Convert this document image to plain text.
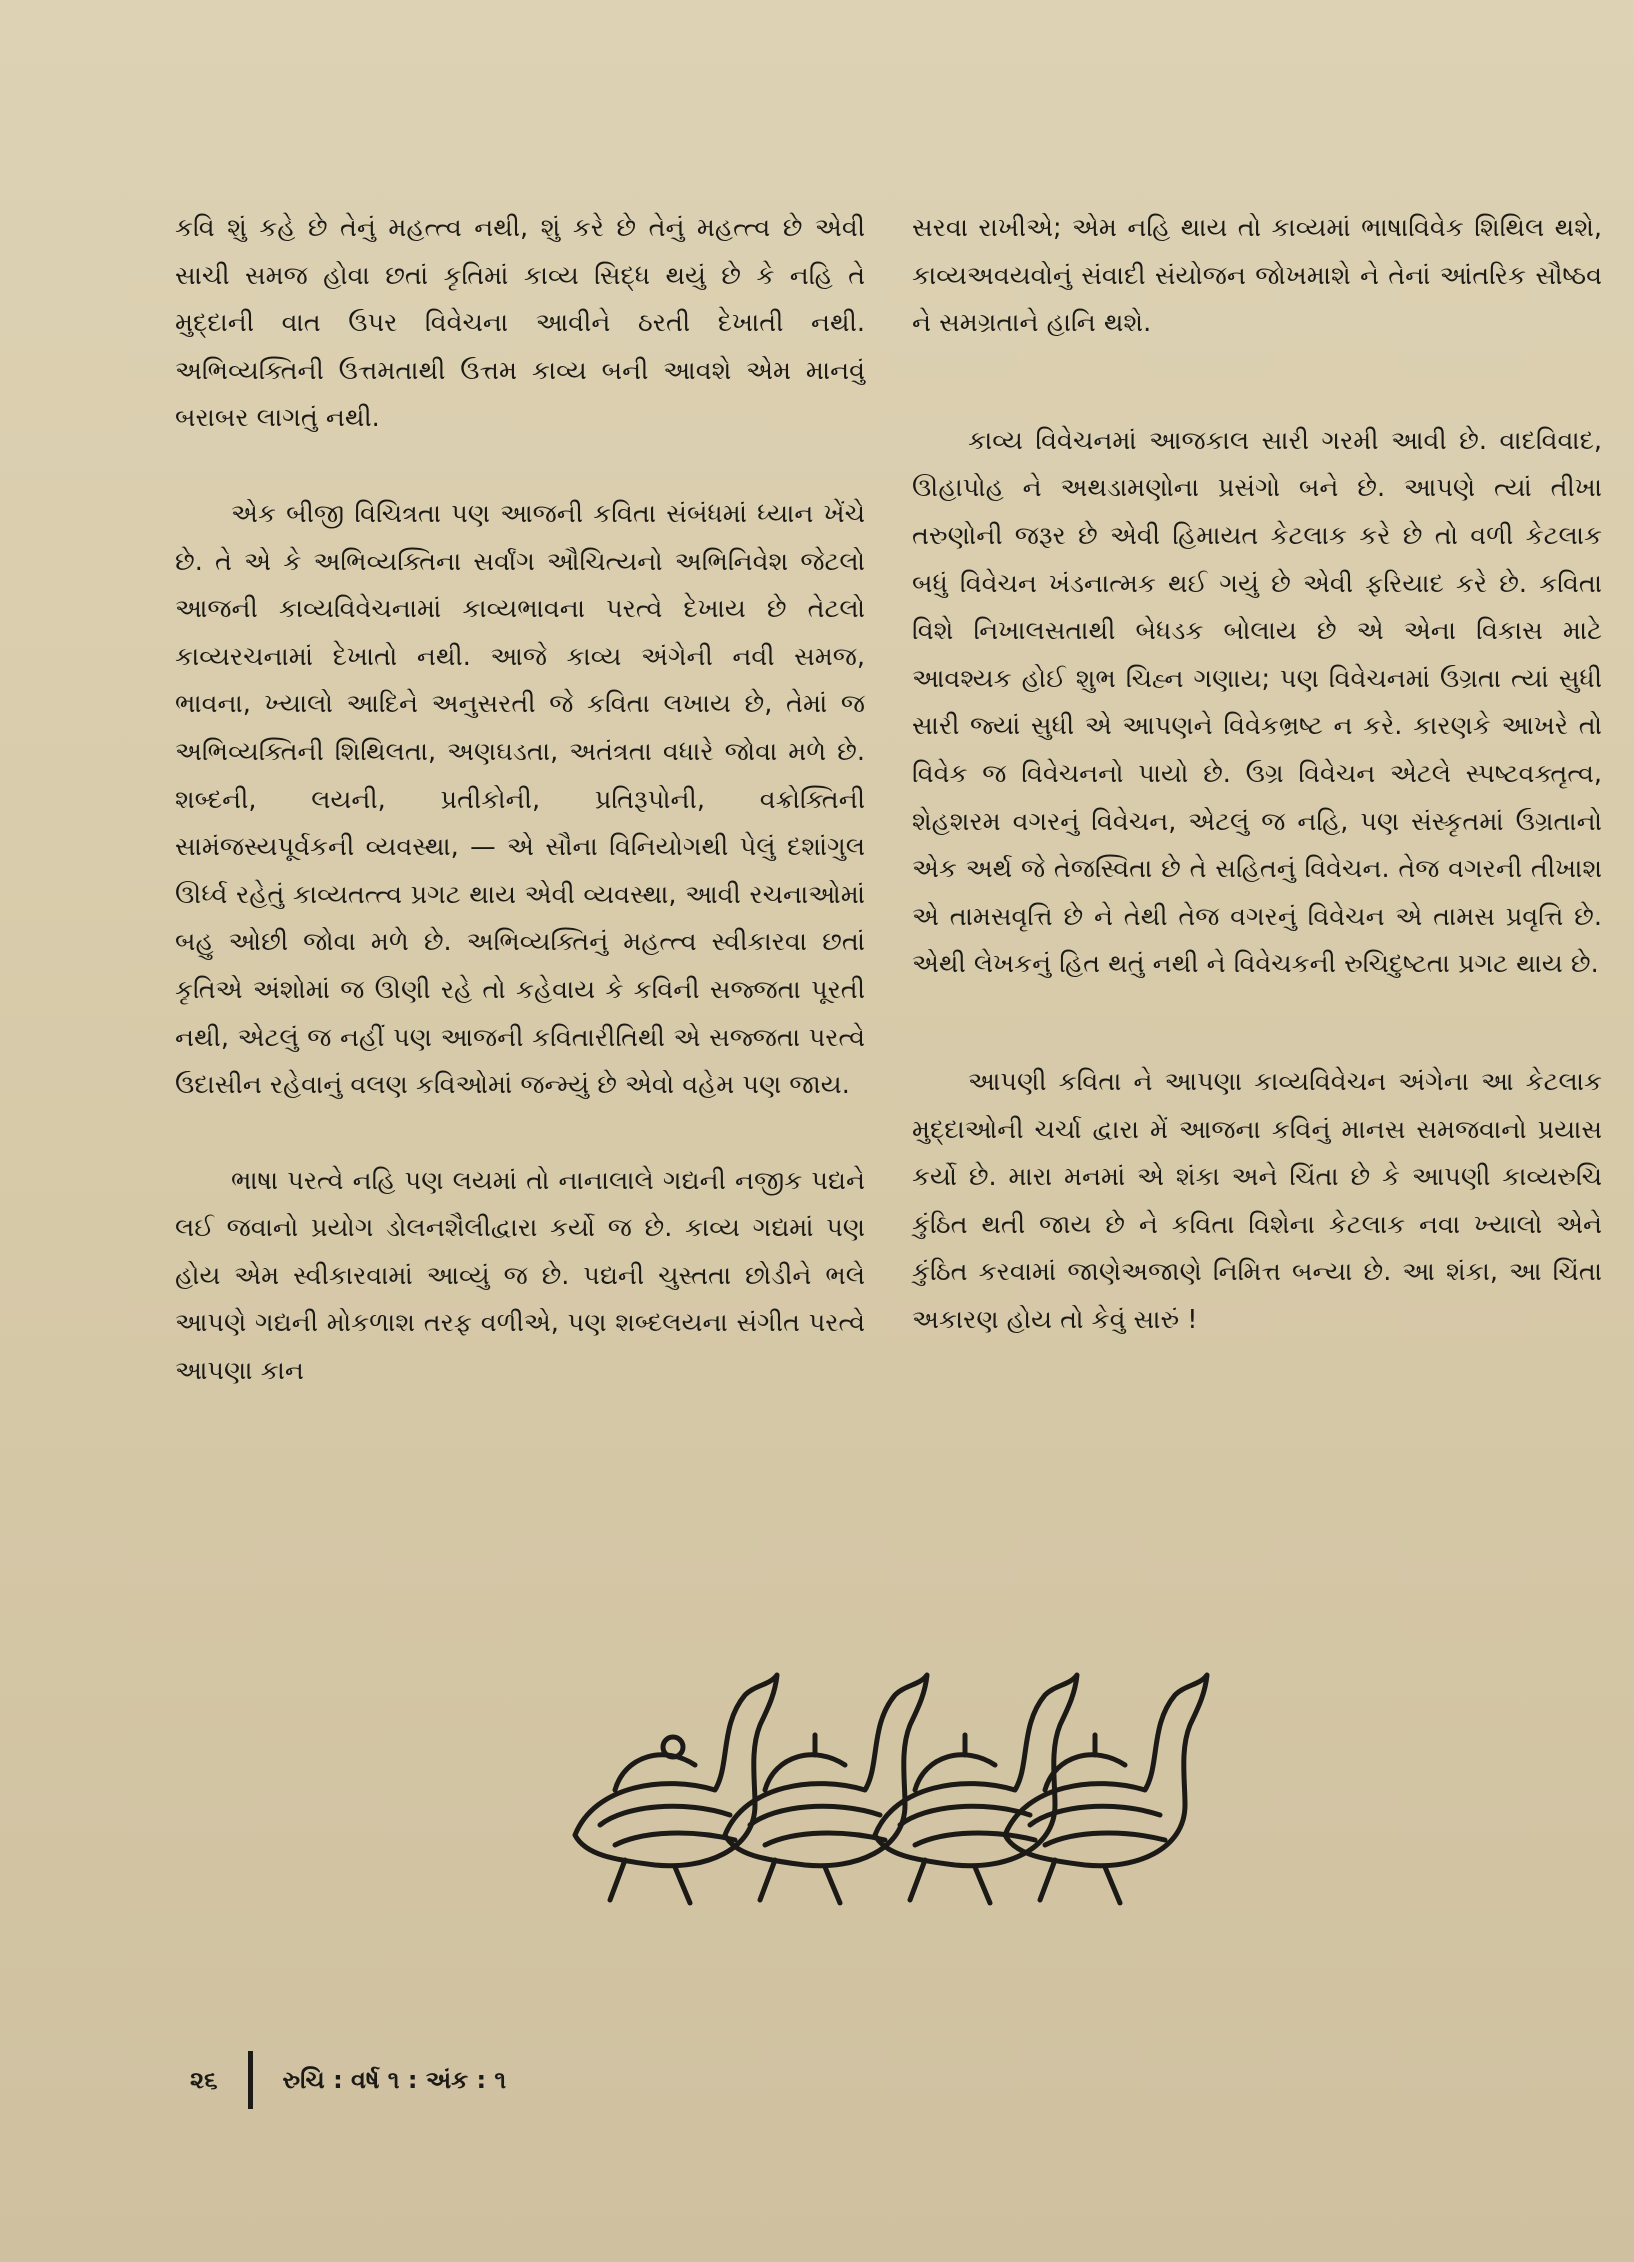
કવિ શું કહે છે તેનું મહત્ત્વ નથી, શું કરે છે તેનું મહત્ત્વ છે એવી સાચી સમજ હોવા છતાં કૃતિમાં કાવ્ય સિદ્ધ થયું છે કે નહિ તે મુદ્દાની વાત ઉપર વિવેચના આવીને ઠરતી દેખાતી નથી. અભિવ્યક્તિની ઉત્તમતાથી ઉત્તમ કાવ્ય બની આવશે એમ માનવું બરાબર લાગતું નથી.

એક બીજી વિચિત્રતા પણ આજની કવિતા સંબંધમાં ધ્યાન ખેંચે છે. તે એ કે અભિવ્યક્તિના સર્વાંગ ઔચિત્યનો અભિનિવેશ જેટલો આજની કાવ્યવિવેચનામાં કાવ્યભાવના પરત્વે દેખાય છે તેટલો કાવ્યરચનામાં દેખાતો નથી. આજે કાવ્ય અંગેની નવી સમજ, ભાવના, ખ્યાલો આદિને અનુસરતી જે કવિતા લખાય છે, તેમાં જ અભિવ્યક્તિની શિથિલતા, અણઘડતા, અતંત્રતા વધારે જોવા મળે છે. શબ્દની, લયની, પ્રતીકોની, પ્રતિરૂપોની, વક્રોક્તિની સામંજસ્યપૂર્વકની વ્યવસ્થા, — એ સૌના વિનિયોગથી પેલું દશાંગુલ ઊર્ધ્વ રહેતું કાવ્યતત્ત્વ પ્રગટ થાય એવી વ્યવસ્થા, આવી રચનાઓમાં બહુ ઓછી જોવા મળે છે. અભિવ્યક્તિનું મહત્ત્વ સ્વીકારવા છતાં કૃતિએ અંશોમાં જ ઊણી રહે તો કહેવાય કે કવિની સજ્જતા પૂરતી નથી, એટલું જ નહીં પણ આજની કવિતારીતિથી એ સજ્જતા પરત્વે ઉદાસીન રહેવાનું વલણ કવિઓમાં જન્મ્યું છે એવો વહેમ પણ જાય.

ભાષા પરત્વે નહિ પણ લયમાં તો નાનાલાલે ગદ્યની નજીક પદ્યને લઈ જવાનો પ્રયોગ ડોલનશૈલીદ્વારા કર્યો જ છે. કાવ્ય ગદ્યમાં પણ હોય એમ સ્વીકારવામાં આવ્યું જ છે. પદ્યની ચુસ્તતા છોડીને ભલે આપણે ગદ્યની મોકળાશ તરફ વળીએ, પણ શબ્દલયના સંગીત પરત્વે આપણા કાન

સરવા રાખીએ; એમ નહિ થાય તો કાવ્યમાં ભાષાવિવેક શિથિલ થશે, કાવ્યઅવયવોનું સંવાદી સંયોજન જોખમાશે ને તેનાં આંતરિક સૌષ્ઠવ ને સમગ્રતાને હાનિ થશે.

કાવ્ય વિવેચનમાં આજકાલ સારી ગરમી આવી છે. વાદવિવાદ, ઊહાપોહ ને અથડામણોના પ્રસંગો બને છે. આપણે ત્યાં તીખા તરુણોની જરૂર છે એવી હિમાયત કેટલાક કરે છે તો વળી કેટલાક બધું વિવેચન ખંડનાત્મક થઈ ગયું છે એવી ફરિયાદ કરે છે. કવિતા વિશે નિખાલસતાથી બેધડક બોલાય છે એ એના વિકાસ માટે આવશ્યક હોઈ શુભ ચિહ્ન ગણાય; પણ વિવેચનમાં ઉગ્રતા ત્યાં સુધી સારી જ્યાં સુધી એ આપણને વિવેકભ્રષ્ટ ન કરે. કારણકે આખરે તો વિવેક જ વિવેચનનો પાયો છે. ઉગ્ર વિવેચન એટલે સ્પષ્ટવક્તૃત્વ, શેહશરમ વગરનું વિવેચન, એટલું જ નહિ, પણ સંસ્કૃતમાં ઉગ્રતાનો એક અર્થ જે તેજસ્વિતા છે તે સહિતનું વિવેચન. તેજ વગરની તીખાશ એ તામસવૃત્તિ છે ને તેથી તેજ વગરનું વિવેચન એ તામસ પ્રવૃત્તિ છે. એથી લેખકનું હિત થતું નથી ને વિવેચકની રુચિદુષ્ટતા પ્રગટ થાય છે.

આપણી કવિતા ને આપણા કાવ્યવિવેચન અંગેના આ કેટલાક મુદ્દાઓની ચર્ચા દ્વારા મેં આજના કવિનું માનસ સમજવાનો પ્રયાસ કર્યો છે. મારા મનમાં એ શંકા અને ચિંતા છે કે આપણી કાવ્યરુચિ કુંઠિત થતી જાય છે ને કવિતા વિશેના કેટલાક નવા ખ્યાલો એને કુંઠિત કરવામાં જાણેઅજાણે નિમિત્ત બન્યા છે. આ શંકા, આ ચિંતા અકારણ હોય તો કેવું સારું !

૨૬	રુચિ : વર્ષ ૧ : અંક : ૧
